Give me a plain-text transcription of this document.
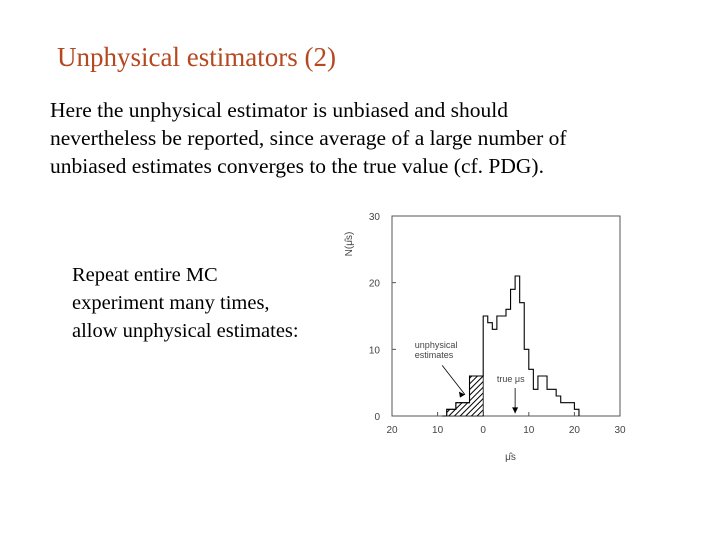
Unphysical estimators (2)
Here the unphysical estimator is unbiased and should
nevertheless be reported, since average of a large number of
unbiased estimates converges to the true value (cf. PDG).
Repeat entire MC
experiment many times,
allow unphysical estimates:
0
10
20
30
20	10	0	10	20	30
N(μ̂s)
μ̂s
unphysical
estimates
true μs
